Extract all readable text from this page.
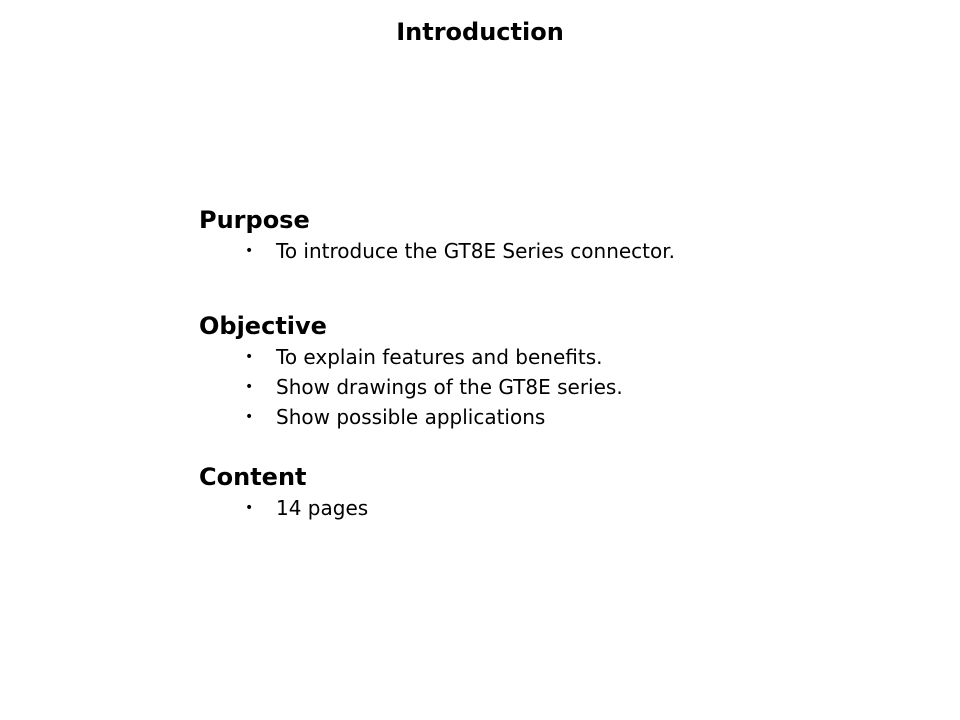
Introduction
Purpose
• To introduce the GT8E Series connector.
Objective
• To explain features and benefits.
• Show drawings of the GT8E series.
• Show possible applications
Content
• 14 pages
